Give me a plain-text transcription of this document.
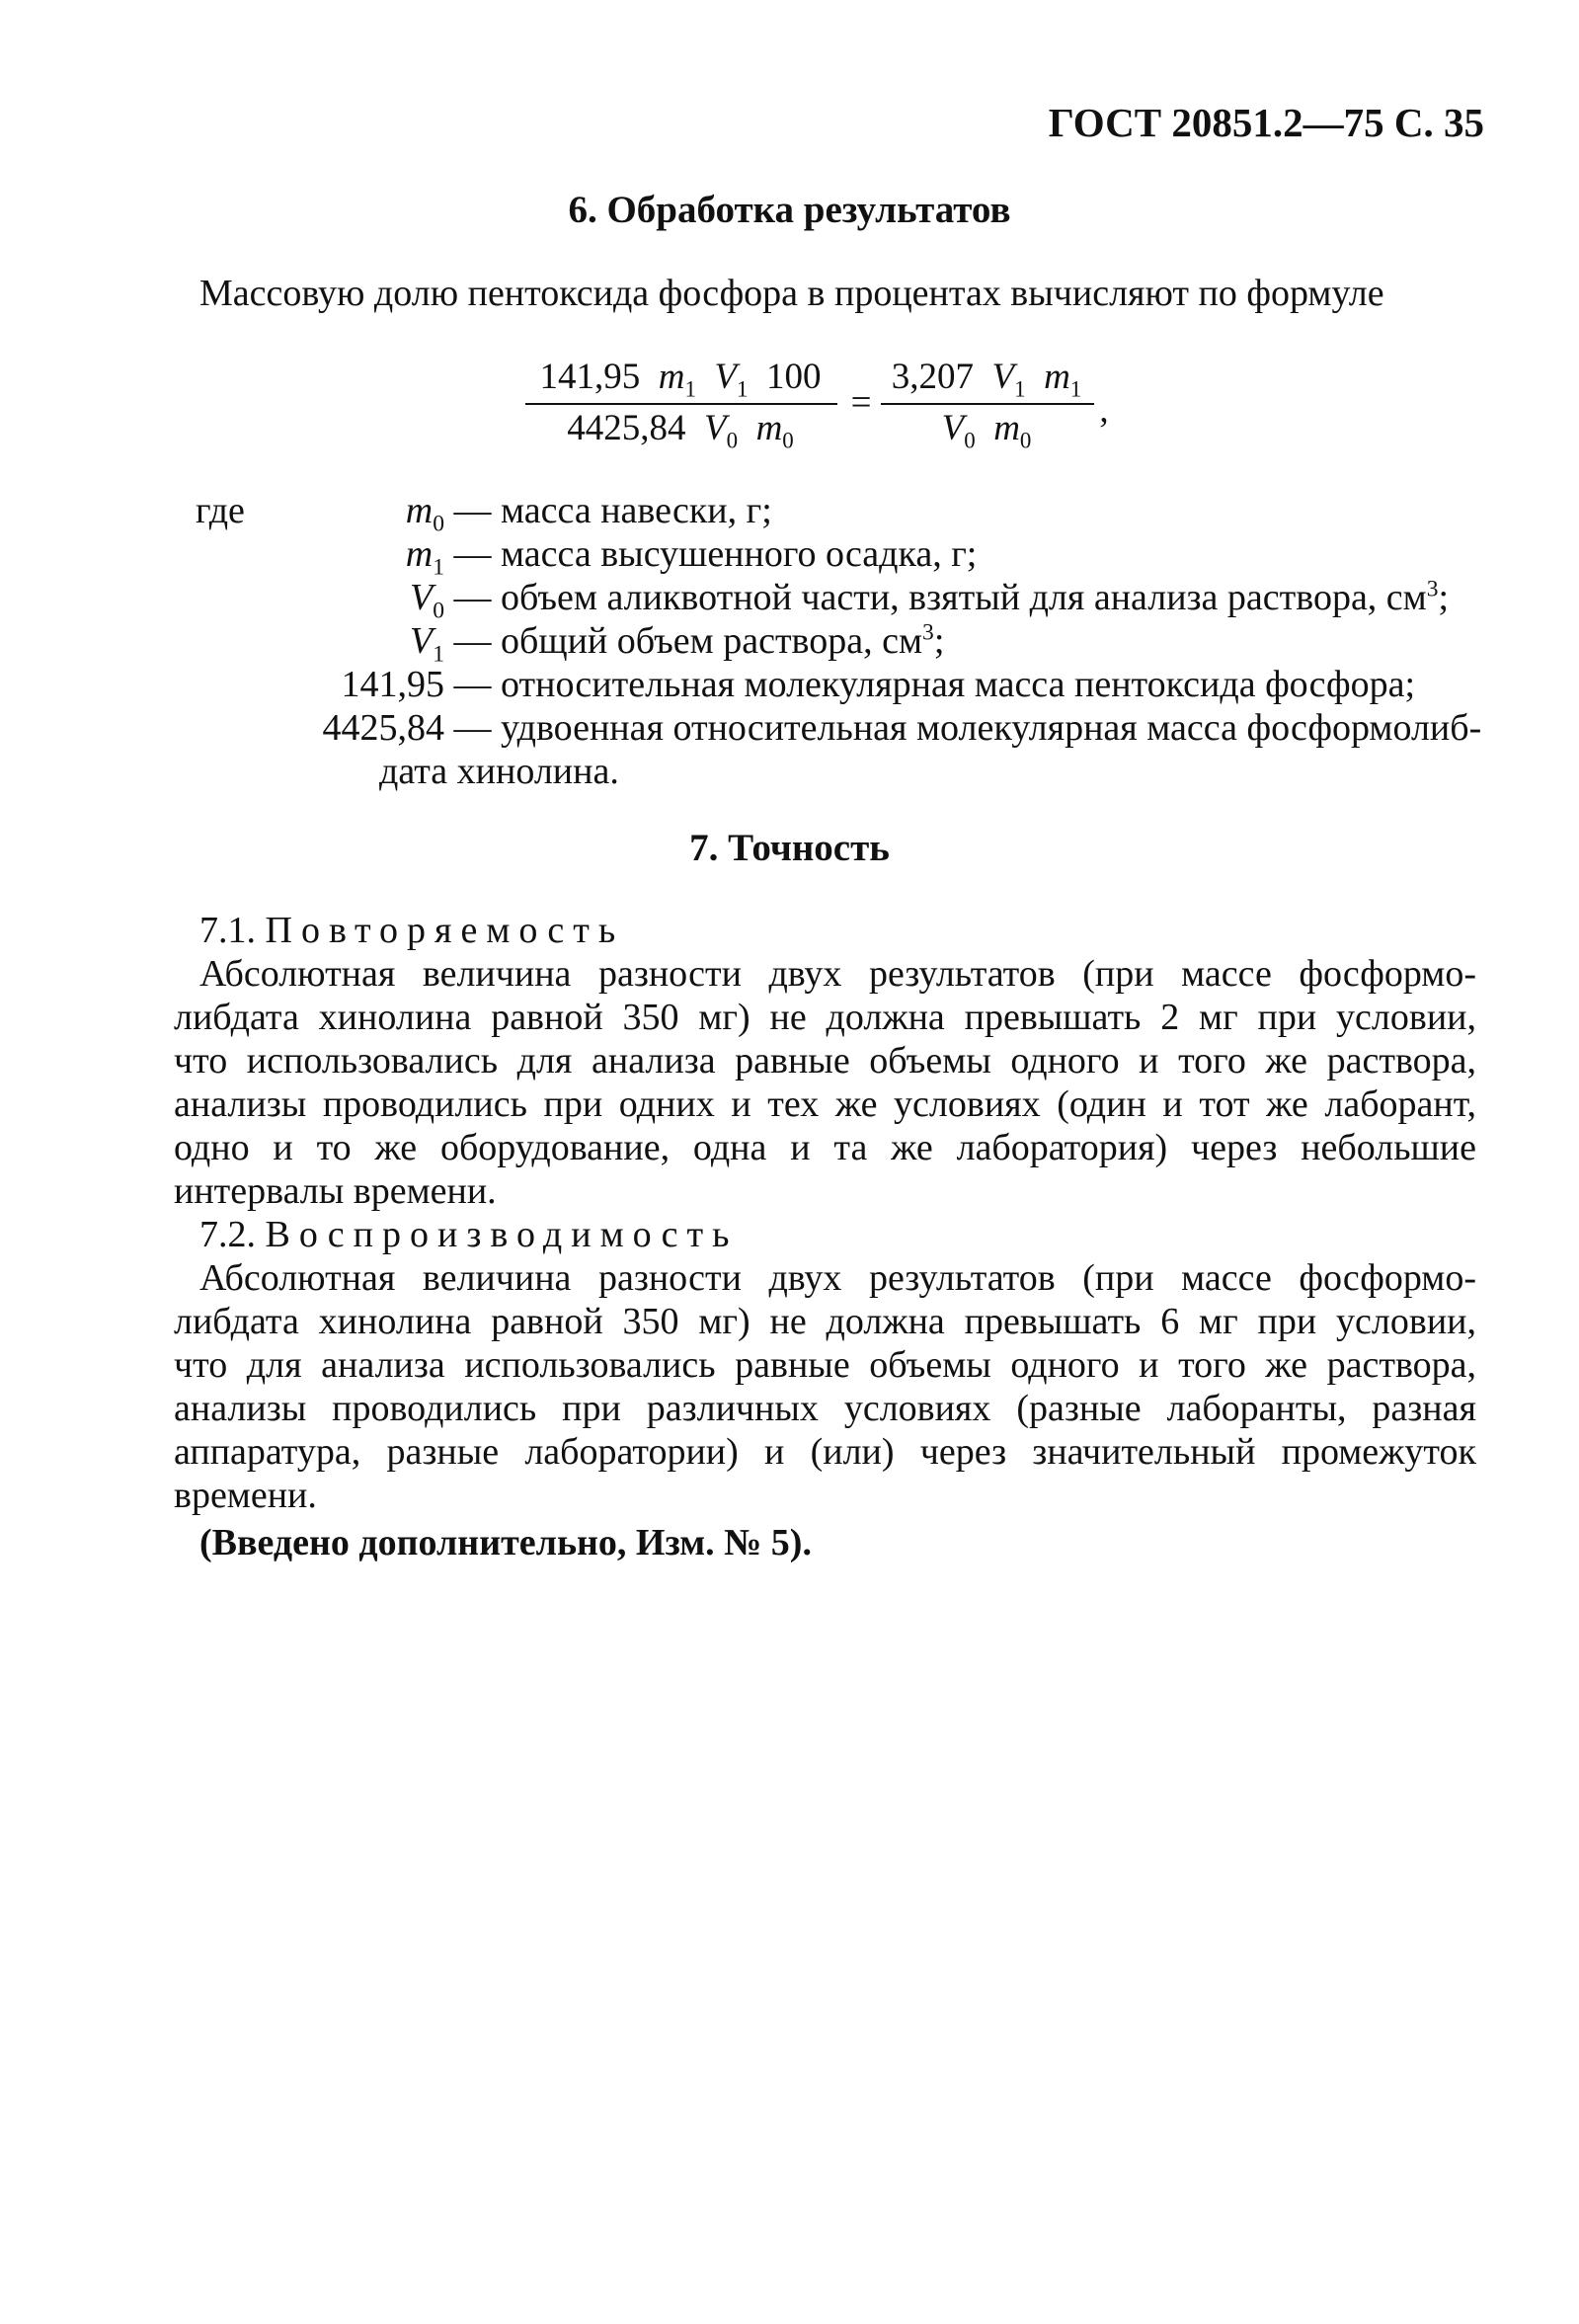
ГОСТ 20851.2—75 С. 35
6. Обработка результатов
Массовую долю пентоксида фосфора в процентах вычисляют по формуле
141,95 $m_1$ $V_1$ 100
4425,84 $V_0$ $m_0$
=
3,207 $V_1$ $m_1$
$V_0$ $m_0$
,
где	$m_0$ — масса навески, г;
$m_1$ — масса высушенного осадка, г;
$V_0$ — объем аликвотной части, взятый для анализа раствора, $см^3$;
$V_1$ — общий объем раствора, $см^3$;
141,95 — относительная молекулярная масса пентоксида фосфора;
4425,84 — удвоенная относительная молекулярная масса фосформолиб-
дата хинолина.
7. Точность
7.1. Повторяемость
Абсолютная величина разности двух результатов (при массе фосформо-
либдата хинолина равной 350 мг) не должна превышать 2 мг при условии,
что использовались для анализа равные объемы одного и того же раствора,
анализы проводились при одних и тех же условиях (один и тот же лаборант,
одно и то же оборудование, одна и та же лаборатория) через небольшие
интервалы времени.
7.2. Воспроизводимость
Абсолютная величина разности двух результатов (при массе фосформо-
либдата хинолина равной 350 мг) не должна превышать 6 мг при условии,
что для анализа использовались равные объемы одного и того же раствора,
анализы проводились при различных условиях (разные лаборанты, разная
аппаратура, разные лаборатории) и (или) через значительный промежуток
времени.
(Введено дополнительно, Изм. № 5).
